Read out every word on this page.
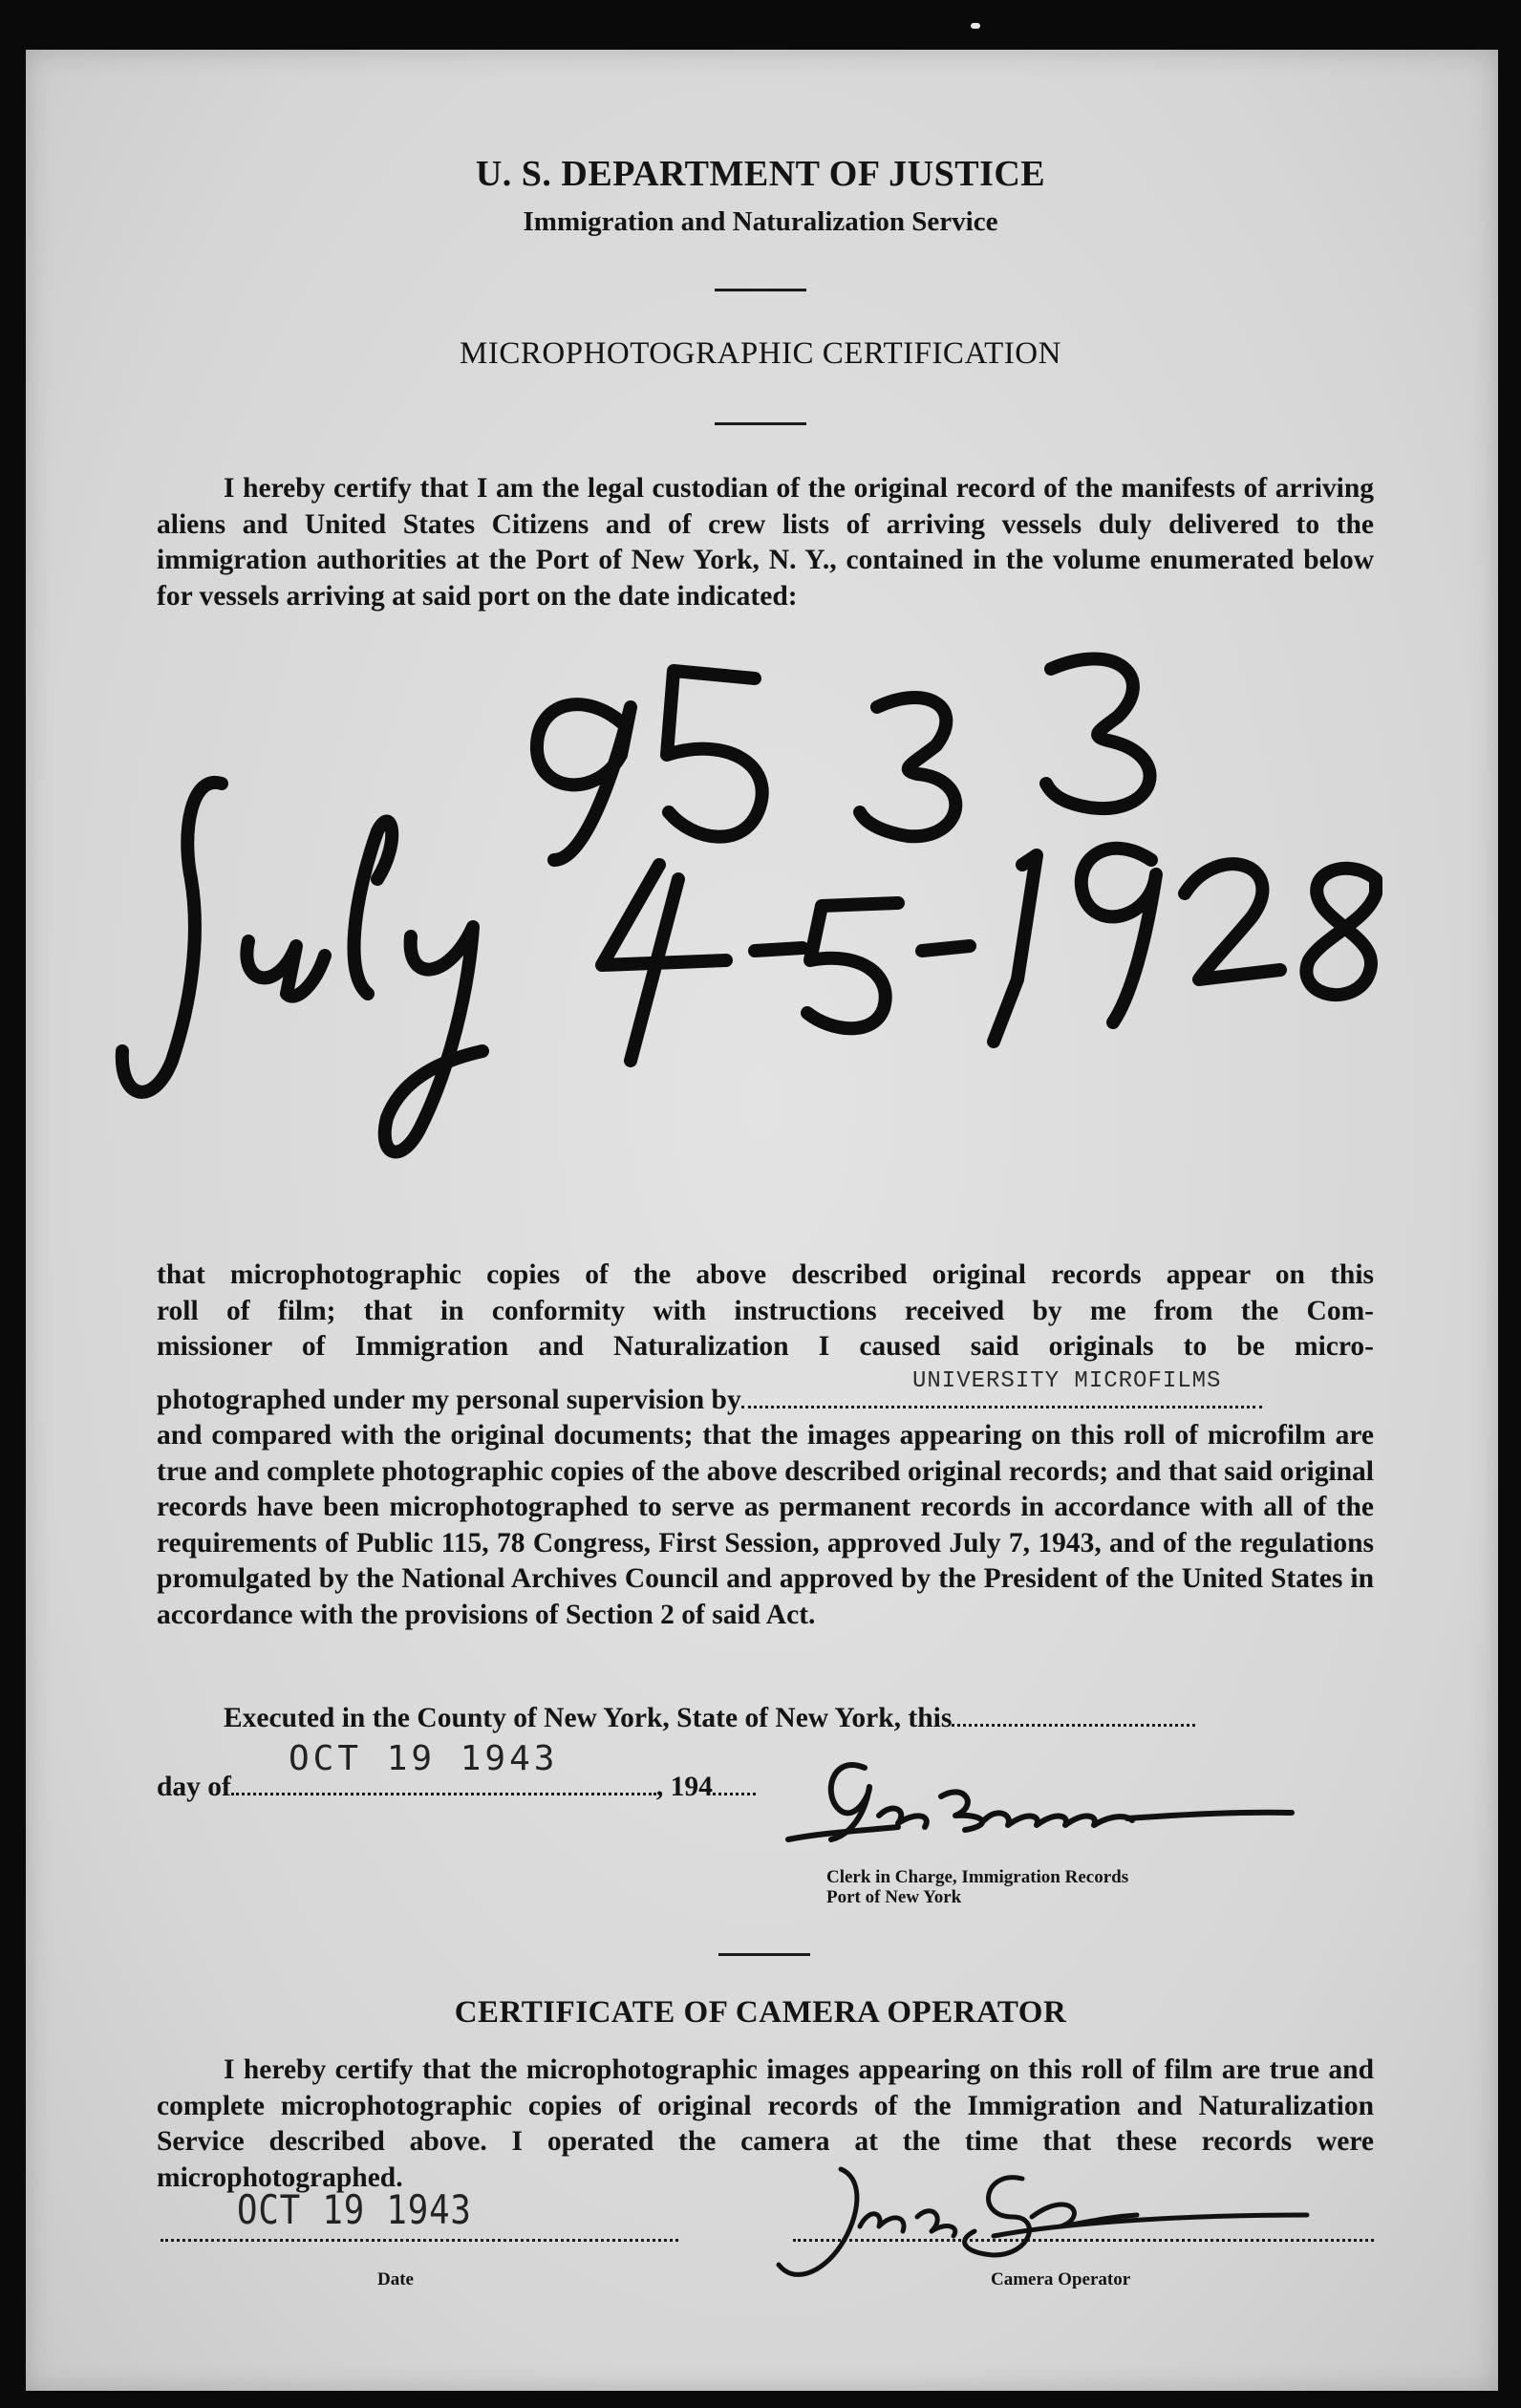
U. S. DEPARTMENT OF JUSTICE
Immigration and Naturalization Service
MICROPHOTOGRAPHIC CERTIFICATION
I hereby certify that I am the legal custodian of the original record of the manifests of arriving aliens and United States Citizens and of crew lists of arriving vessels duly delivered to the immigration authorities at the Port of New York, N. Y., contained in the volume enumerated below for vessels arriving at said port on the date indicated:
that microphotographic copies of the above described original records appear on this
roll of film; that in conformity with instructions received by me from the Com-
missioner of Immigration and Naturalization I caused said originals to be micro-
photographed under my personal supervision by
UNIVERSITY MICROFILMS
and compared with the original documents; that the images appearing on this roll of microfilm are true and complete photographic copies of the above described original records; and that said original records have been microphotographed to serve as permanent records in accordance with all of the requirements of Public 115, 78 Congress, First Session, approved July 7, 1943, and of the regulations promulgated by the National Archives Council and approved by the President of the United States in accordance with the provisions of Section 2 of said Act.
Executed in the County of New York, State of New York, this
day of	, 194
OCT 19 1943
Clerk in Charge, Immigration Records
Port of New York
CERTIFICATE OF CAMERA OPERATOR
I hereby certify that the microphotographic images appearing on this roll of film are true and complete microphotographic copies of original records of the Immigration and Naturalization Service described above. I operated the camera at the time that these records were microphotographed.
OCT 19 1943
Date	Camera Operator
